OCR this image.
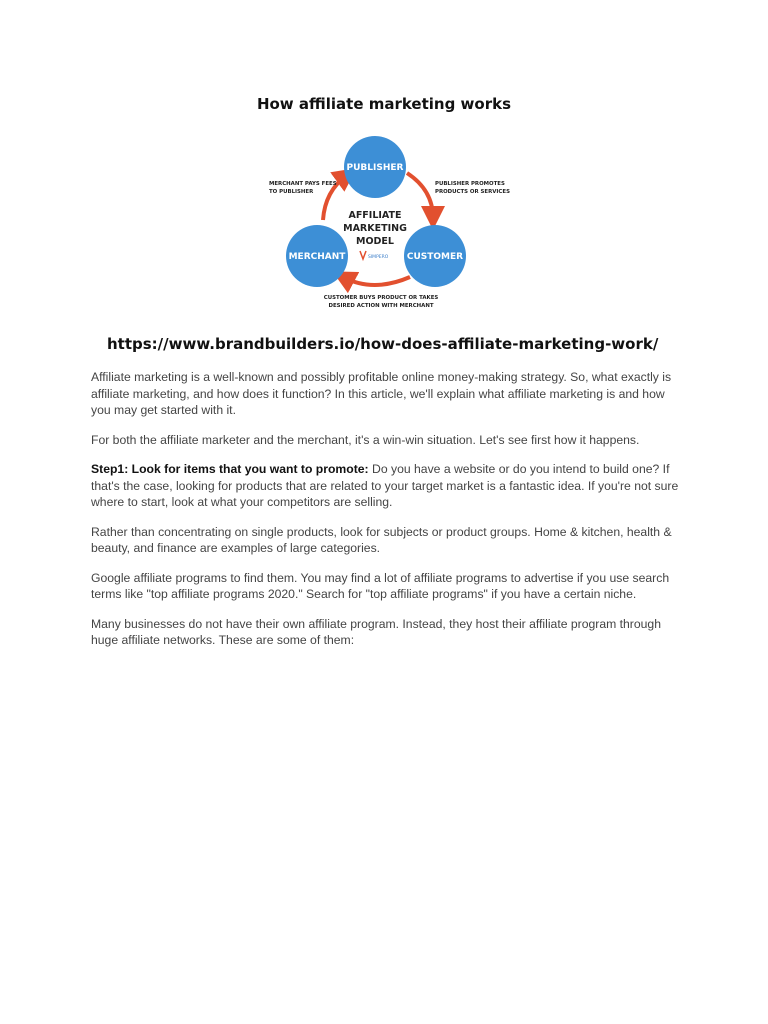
How affiliate marketing works
PUBLISHER
MERCHANT	CUSTOMER
AFFILIATE
MARKETING
MODEL
SIMPERO
MERCHANT PAYS FEES
TO PUBLISHER
PUBLISHER PROMOTES
PRODUCTS OR SERVICES
CUSTOMER BUYS PRODUCT OR TAKES
DESIRED ACTION WITH MERCHANT
https://www.brandbuilders.io/how-does-affiliate-marketing-work/

Affiliate marketing is a well-known and possibly profitable online money-making strategy. So, what exactly is affiliate marketing, and how does it function? In this article, we'll explain what affiliate marketing is and how you may get started with it.

For both the affiliate marketer and the merchant, it's a win-win situation. Let's see first how it happens.

Step1: Look for items that you want to promote: Do you have a website or do you intend to build one? If that's the case, looking for products that are related to your target market is a fantastic idea. If you're not sure where to start, look at what your competitors are selling.

Rather than concentrating on single products, look for subjects or product groups. Home & kitchen, health & beauty, and finance are examples of large categories.

Google affiliate programs to find them. You may find a lot of affiliate programs to advertise if you use search terms like "top affiliate programs 2020." Search for "top affiliate programs" if you have a certain niche.

Many businesses do not have their own affiliate program. Instead, they host their affiliate program through huge affiliate networks. These are some of them:
